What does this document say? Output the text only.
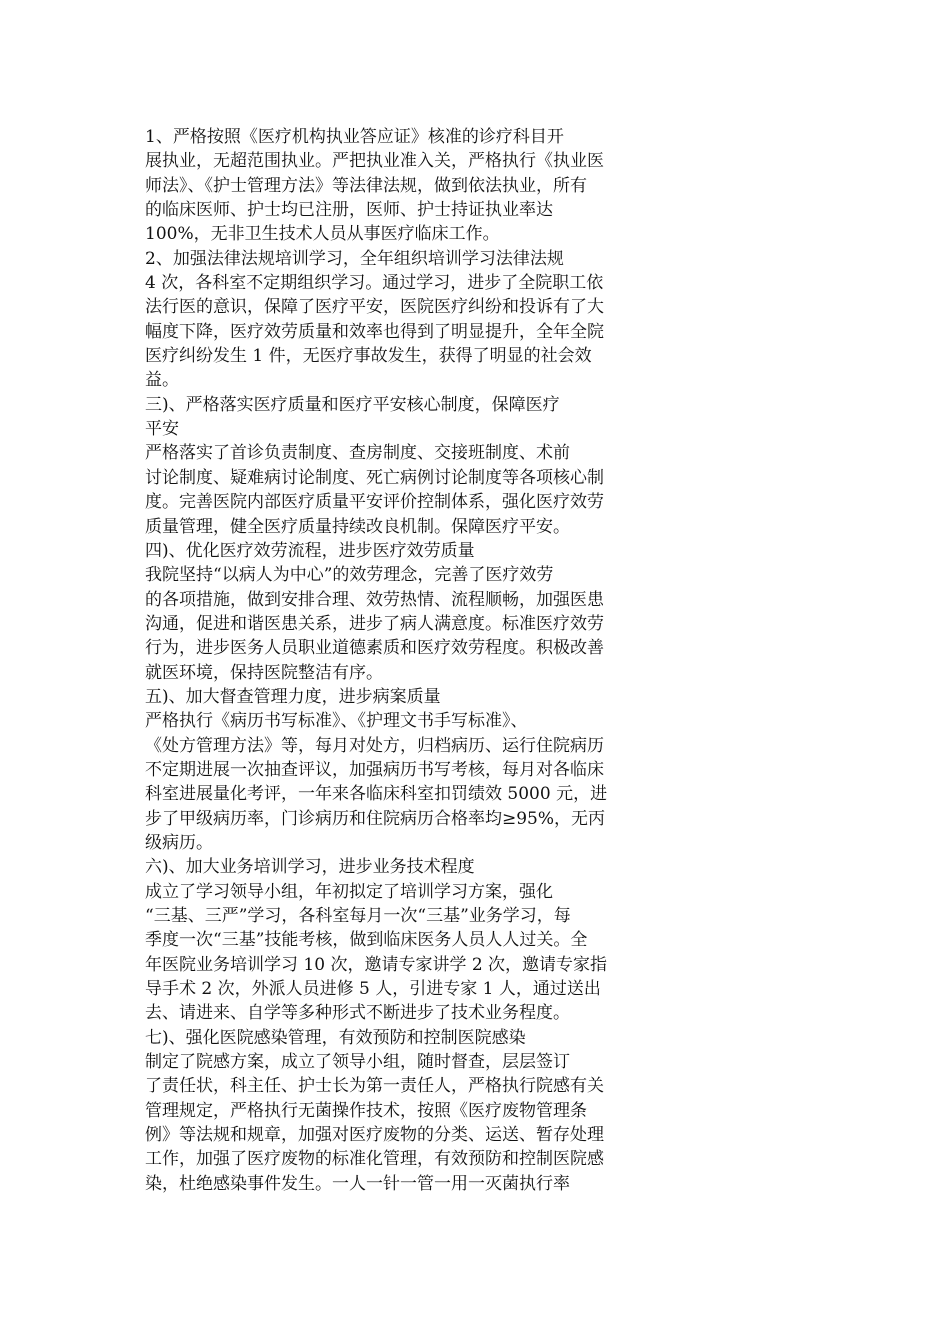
1、严格按照《医疗机构执业答应证》核准的诊疗科目开
展执业，无超范围执业。严把执业准入关，严格执行《执业医
师法》、《护士管理方法》等法律法规，做到依法执业，所有
的临床医师、护士均已注册，医师、护士持证执业率达
100%，无非卫生技术人员从事医疗临床工作。
2、加强法律法规培训学习，全年组织培训学习法律法规
4 次，各科室不定期组织学习。通过学习，进步了全院职工依
法行医的意识，保障了医疗平安，医院医疗纠纷和投诉有了大
幅度下降，医疗效劳质量和效率也得到了明显提升，全年全院
医疗纠纷发生 1 件，无医疗事故发生，获得了明显的社会效
益。
三)、严格落实医疗质量和医疗平安核心制度，保障医疗
平安
严格落实了首诊负责制度、查房制度、交接班制度、术前
讨论制度、疑难病讨论制度、死亡病例讨论制度等各项核心制
度。完善医院内部医疗质量平安评价控制体系，强化医疗效劳
质量管理，健全医疗质量持续改良机制。保障医疗平安。
四)、优化医疗效劳流程，进步医疗效劳质量
我院坚持“以病人为中心”的效劳理念，完善了医疗效劳
的各项措施，做到安排合理、效劳热情、流程顺畅，加强医患
沟通，促进和谐医患关系，进步了病人满意度。标准医疗效劳
行为，进步医务人员职业道德素质和医疗效劳程度。积极改善
就医环境，保持医院整洁有序。
五)、加大督查管理力度，进步病案质量
严格执行《病历书写标准》、《护理文书手写标准》、
《处方管理方法》等，每月对处方，归档病历、运行住院病历
不定期进展一次抽查评议，加强病历书写考核，每月对各临床
科室进展量化考评，一年来各临床科室扣罚绩效 5000 元，进
步了甲级病历率，门诊病历和住院病历合格率均≥95%，无丙
级病历。
六)、加大业务培训学习，进步业务技术程度
成立了学习领导小组，年初拟定了培训学习方案，强化
“三基、三严”学习，各科室每月一次“三基”业务学习，每
季度一次“三基”技能考核，做到临床医务人员人人过关。全
年医院业务培训学习 10 次，邀请专家讲学 2 次，邀请专家指
导手术 2 次，外派人员进修 5 人，引进专家 1 人，通过送出
去、请进来、自学等多种形式不断进步了技术业务程度。
七)、强化医院感染管理，有效预防和控制医院感染
制定了院感方案，成立了领导小组，随时督查，层层签订
了责任状，科主任、护士长为第一责任人，严格执行院感有关
管理规定，严格执行无菌操作技术，按照《医疗废物管理条
例》等法规和规章，加强对医疗废物的分类、运送、暂存处理
工作，加强了医疗废物的标准化管理，有效预防和控制医院感
染，杜绝感染事件发生。一人一针一管一用一灭菌执行率
